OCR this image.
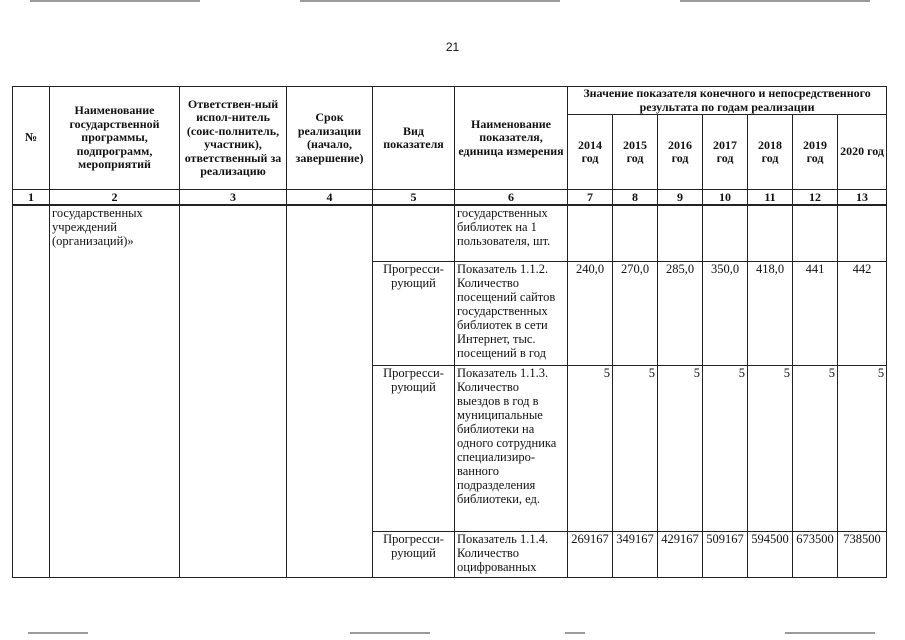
21
№	Наименование государственной программы, подпрограмм, мероприятий	Ответствен-ный испол-нитель (соис-полнитель, участник), ответственный за реализацию	Срок реализации (начало, завершение)	Вид показателя	Наименование показателя, единица измерения	Значение показателя конечного и непосредственного результата по годам реализации						
						2014 год	2015 год	2016 год	2017 год	2018 год	2019 год	2020 год
1	2	3	4	5	6	7	8	9	10	11	12	13
	государственных учреждений (организаций)»				государственных библиотек на 1 пользователя, шт.							
				Прогресси-рующий	Показатель 1.1.2. Количество посещений сайтов государственных библиотек в сети Интернет, тыс. посещений в год	240,0	270,0	285,0	350,0	418,0	441	442
				Прогресси-рующий	Показатель 1.1.3. Количество выездов в год в муниципальные библиотеки на одного сотрудника специализиро-ванного подразделения библиотеки, ед.	5	5	5	5	5	5	5
				Прогресси-рующий	Показатель 1.1.4. Количество оцифрованных	269167	349167	429167	509167	594500	673500	738500
